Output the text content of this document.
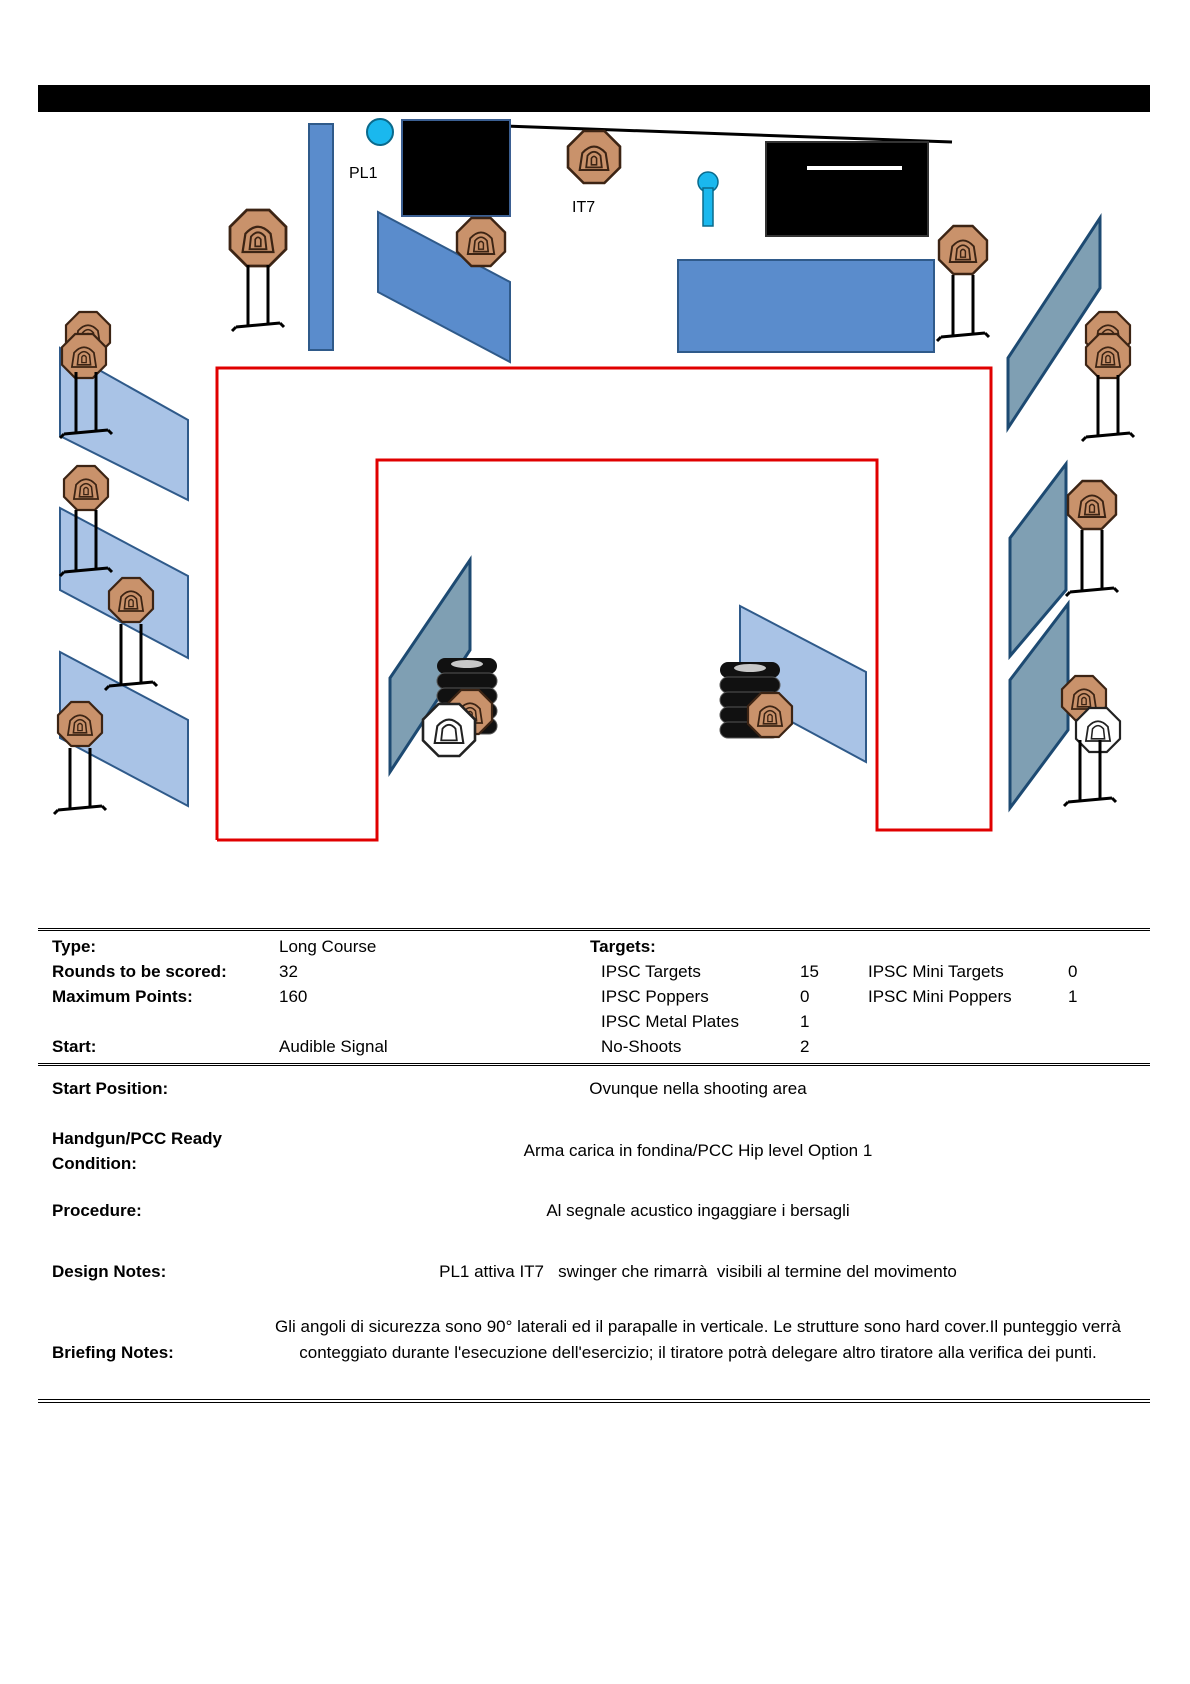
PL1
IT7
Type:	Long Course
Rounds to be scored:	32
Maximum Points:	160
Start:	Audible Signal
Targets:
IPSC Targets	15
IPSC Poppers	0
IPSC Metal Plates	1
No-Shoots	2
IPSC Mini Targets	0
IPSC Mini Poppers	1
Start Position:	Ovunque nella shooting area
Handgun/PCC Ready Condition:
Arma carica in fondina/PCC Hip level Option 1
Procedure:	Al segnale acustico ingaggiare i bersagli
Design Notes:	PL1 attiva IT7   swinger che rimarrà  visibili al termine del movimento
Briefing Notes:
Gli angoli di sicurezza sono 90° laterali ed il parapalle in verticale. Le strutture sono hard cover.Il punteggio verrà conteggiato durante l'esecuzione dell'esercizio; il tiratore potrà delegare altro tiratore alla verifica dei punti.
